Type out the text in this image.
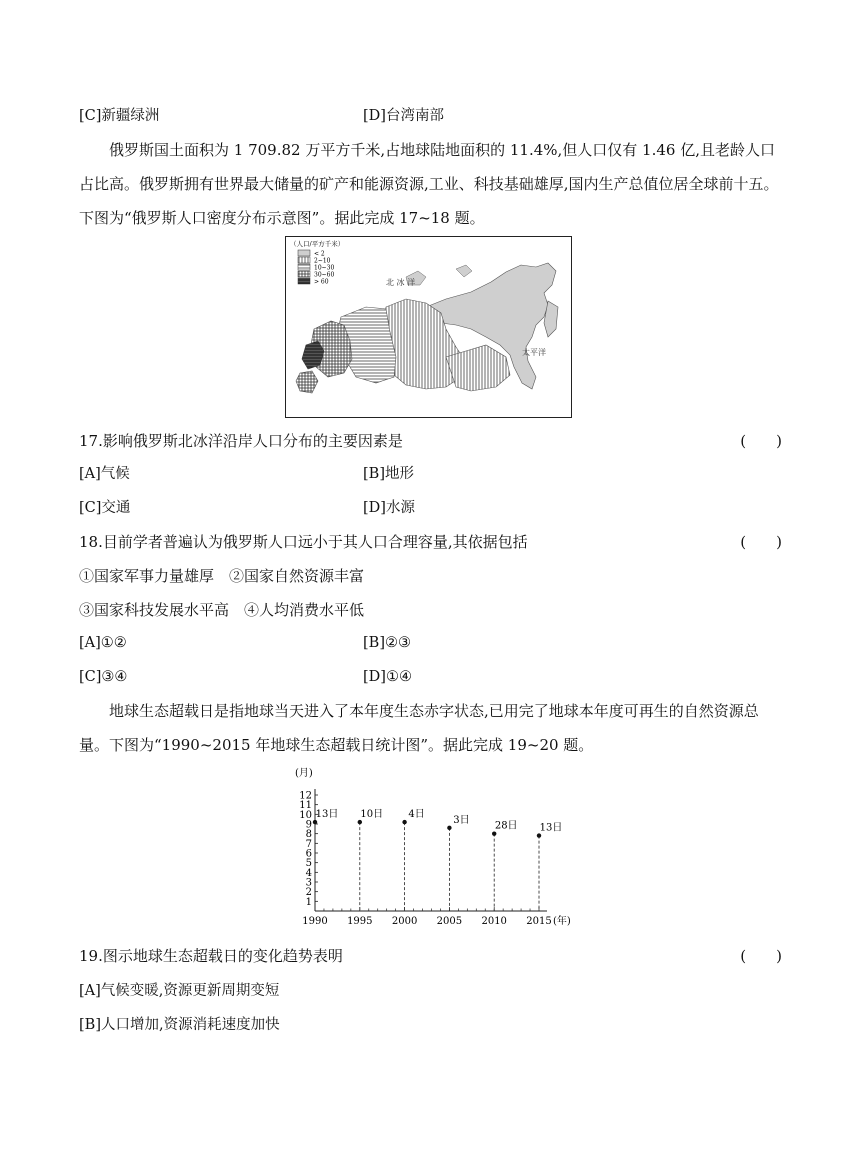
[C]新疆绿洲	[D]台湾南部
俄罗斯国土面积为 1 709.82 万平方千米,占地球陆地面积的 11.4%,但人口仅有 1.46 亿,且老龄人口占比高。俄罗斯拥有世界最大储量的矿产和能源资源,工业、科技基础雄厚,国内生产总值位居全球前十五。下图为“俄罗斯人口密度分布示意图”。据此完成 17~18 题。
（人口/平方千米）
< 2
2~10
10~30
30~60
> 60	北 冰 洋
太平洋
17.影响俄罗斯北冰洋沿岸人口分布的主要因素是	(　　)
[A]气候	[B]地形
[C]交通	[D]水源
18.目前学者普遍认为俄罗斯人口远小于其人口合理容量,其依据包括	(　　)
①国家军事力量雄厚　②国家自然资源丰富
③国家科技发展水平高　④人均消费水平低
[A]①②	[B]②③
[C]③④	[D]①④
地球生态超载日是指地球当天进入了本年度生态赤字状态,已用完了地球本年度可再生的自然资源总量。下图为“1990~2015 年地球生态超载日统计图”。据此完成 19~20 题。
(月)
1
2
3
4
5
6
7
8
9
10
11
12
1990 1995 2000 2005 2010 2015 (年)
13日 10日	4日
3日
28日 13日
19.图示地球生态超载日的变化趋势表明	(　　)
[A]气候变暖,资源更新周期变短
[B]人口增加,资源消耗速度加快
